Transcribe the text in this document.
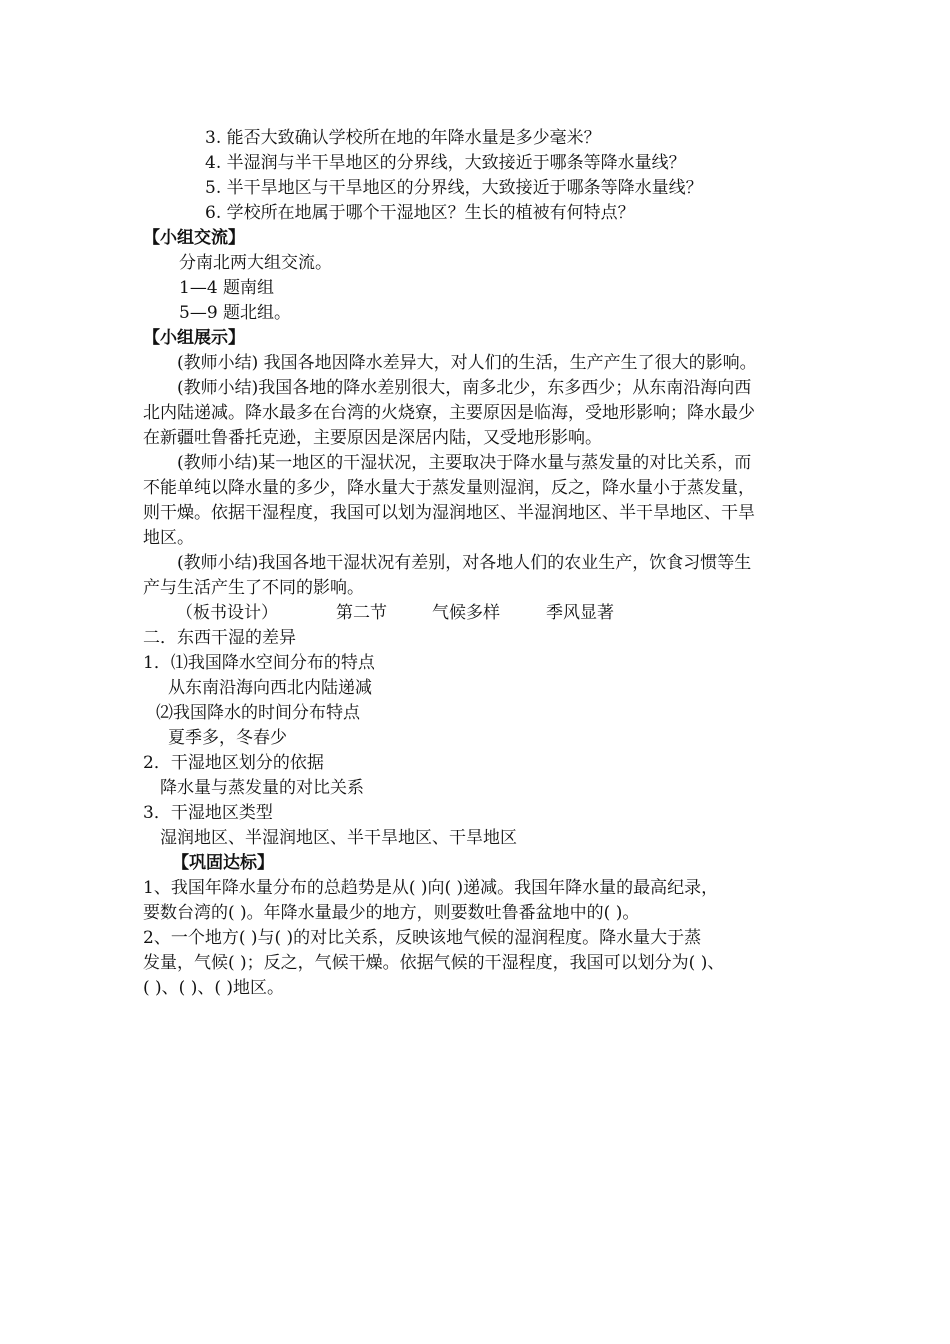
3. 能否大致确认学校所在地的年降水量是多少毫米？
4. 半湿润与半干旱地区的分界线，大致接近于哪条等降水量线？
5. 半干旱地区与干旱地区的分界线，大致接近于哪条等降水量线？
6. 学校所在地属于哪个干湿地区？生长的植被有何特点？
【小组交流】
分南北两大组交流。
1—4 题南组
5—9 题北组。
【小组展示】
(教师小结) 我国各地因降水差异大，对人们的生活，生产产生了很大的影响。
(教师小结)我国各地的降水差别很大，南多北少，东多西少；从东南沿海向西
北内陆递减。降水最多在台湾的火烧寮，主要原因是临海，受地形影响；降水最少
在新疆吐鲁番托克逊，主要原因是深居内陆，又受地形影响。
(教师小结)某一地区的干湿状况，主要取决于降水量与蒸发量的对比关系，而
不能单纯以降水量的多少，降水量大于蒸发量则湿润，反之，降水量小于蒸发量，
则干燥。依据干湿程度，我国可以划为湿润地区、半湿润地区、半干旱地区、干旱
地区。
(教师小结)我国各地干湿状况有差别，对各地人们的农业生产，饮食习惯等生
产与生活产生了不同的影响。
（板书设计）	第二节	气候多样	季风显著
二．东西干湿的差异
1．⑴我国降水空间分布的特点
从东南沿海向西北内陆递减
⑵我国降水的时间分布特点
夏季多，冬春少
2．干湿地区划分的依据
降水量与蒸发量的对比关系
3．干湿地区类型
湿润地区、半湿润地区、半干旱地区、干旱地区
【巩固达标】
1、我国年降水量分布的总趋势是从( )向( )递减。我国年降水量的最高纪录，
要数台湾的( )。年降水量最少的地方，则要数吐鲁番盆地中的( )。
2、一个地方( )与( )的对比关系，反映该地气候的湿润程度。降水量大于蒸
发量，气候( )；反之，气候干燥。依据气候的干湿程度，我国可以划分为( )、
( )、( )、( )地区。
